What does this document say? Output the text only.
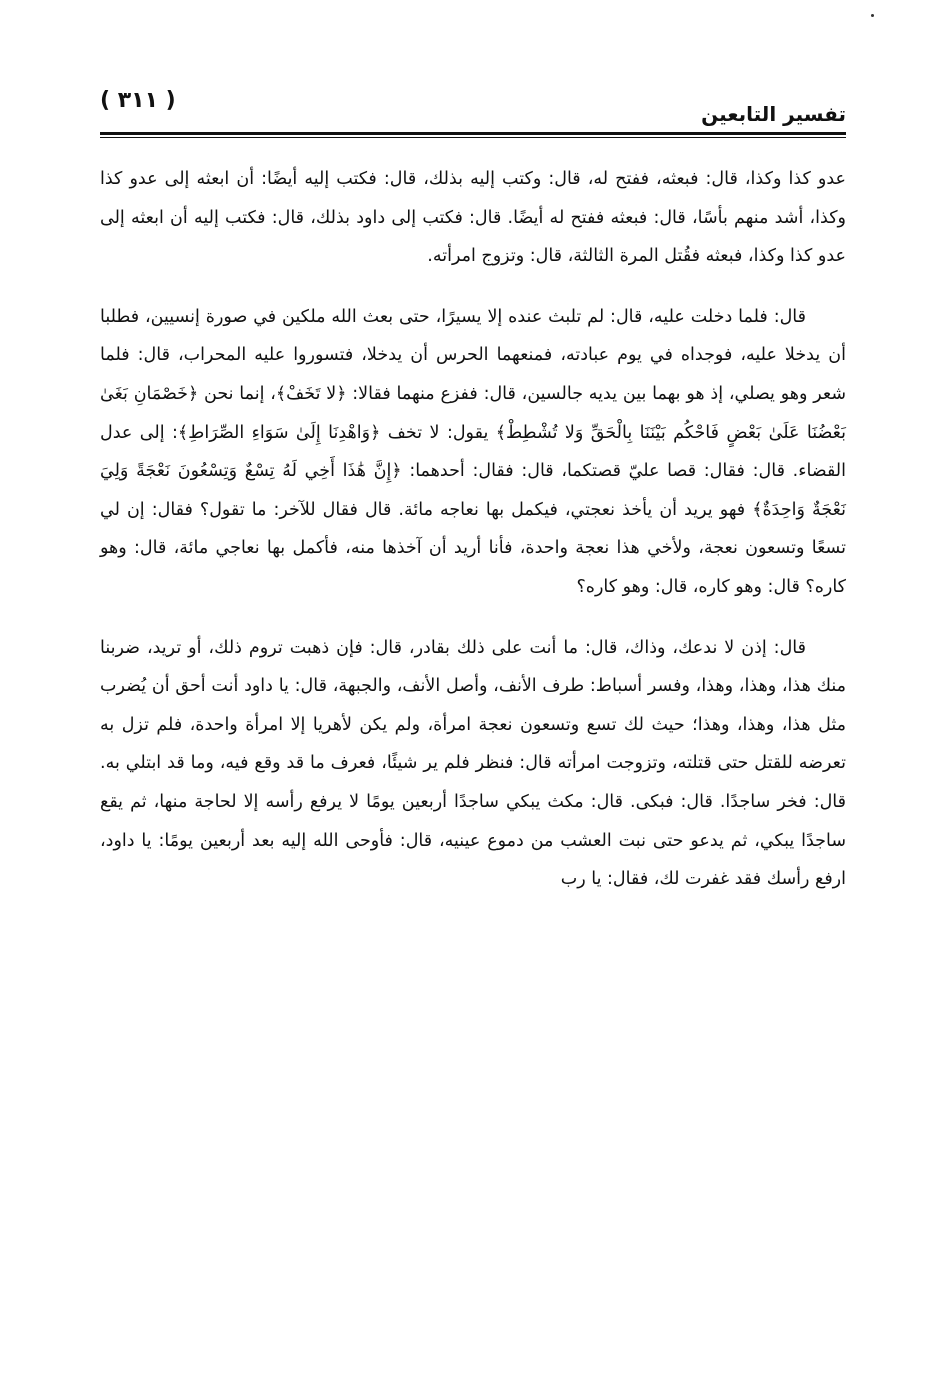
تفسير التابعين
( ٣١١ )

عدو كذا وكذا، قال: فبعثه، ففتح له، قال: وكتب إليه بذلك، قال: فكتب إليه أيضًا: أن ابعثه إلى عدو كذا وكذا، أشد منهم بأسًا، قال: فبعثه ففتح له أيضًا. قال: فكتب إلى داود بذلك، قال: فكتب إليه أن ابعثه إلى عدو كذا وكذا، فبعثه فقُتل المرة الثالثة، قال: وتزوج امرأته.

قال: فلما دخلت عليه، قال: لم تلبث عنده إلا يسيرًا، حتى بعث الله ملكين في صورة إنسيين، فطلبا أن يدخلا عليه، فوجداه في يوم عبادته، فمنعهما الحرس أن يدخلا، فتسوروا عليه المحراب، قال: فلما شعر وهو يصلي، إذ هو بهما بين يديه جالسين، قال: ففزع منهما فقالا: ﴿لا تَخَفْ﴾، إنما نحن ﴿خَصْمَانِ بَغَىٰ بَعْضُنَا عَلَىٰ بَعْضٍ فَاحْكُم بَيْنَنَا بِالْحَقِّ وَلا تُشْطِطْ﴾ يقول: لا تخف ﴿وَاهْدِنَا إِلَىٰ سَوَاءِ الصِّرَاطِ﴾: إلى عدل القضاء. قال: فقال: قصا عليّ قصتكما، قال: فقال: أحدهما: ﴿إِنَّ هَٰذَا أَخِي لَهُ تِسْعٌ وَتِسْعُونَ نَعْجَةً وَلِيَ نَعْجَةٌ وَاحِدَةٌ﴾ فهو يريد أن يأخذ نعجتي، فيكمل بها نعاجه مائة. قال فقال للآخر: ما تقول؟ فقال: إن لي تسعًا وتسعون نعجة، ولأخي هذا نعجة واحدة، فأنا أريد أن آخذها منه، فأكمل بها نعاجي مائة، قال: وهو كاره؟ قال: وهو كاره، قال: وهو كاره؟

قال: إذن لا ندعك، وذاك، قال: ما أنت على ذلك بقادر، قال: فإن ذهبت تروم ذلك، أو تريد، ضربنا منك هذا، وهذا، وهذا، وفسر أسباط: طرف الأنف، وأصل الأنف، والجبهة، قال: يا داود أنت أحق أن يُضرب مثل هذا، وهذا، وهذا؛ حيث لك تسع وتسعون نعجة امرأة، ولم يكن لأهريا إلا امرأة واحدة، فلم تزل به تعرضه للقتل حتى قتلته، وتزوجت امرأته قال: فنظر فلم ير شيئًا، فعرف ما قد وقع فيه، وما قد ابتلي به. قال: فخر ساجدًا. قال: فبكى. قال: مكث يبكي ساجدًا أربعين يومًا لا يرفع رأسه إلا لحاجة منها، ثم يقع ساجدًا يبكي، ثم يدعو حتى نبت العشب من دموع عينيه، قال: فأوحى الله إليه بعد أربعين يومًا: يا داود، ارفع رأسك فقد غفرت لك، فقال: يا رب
